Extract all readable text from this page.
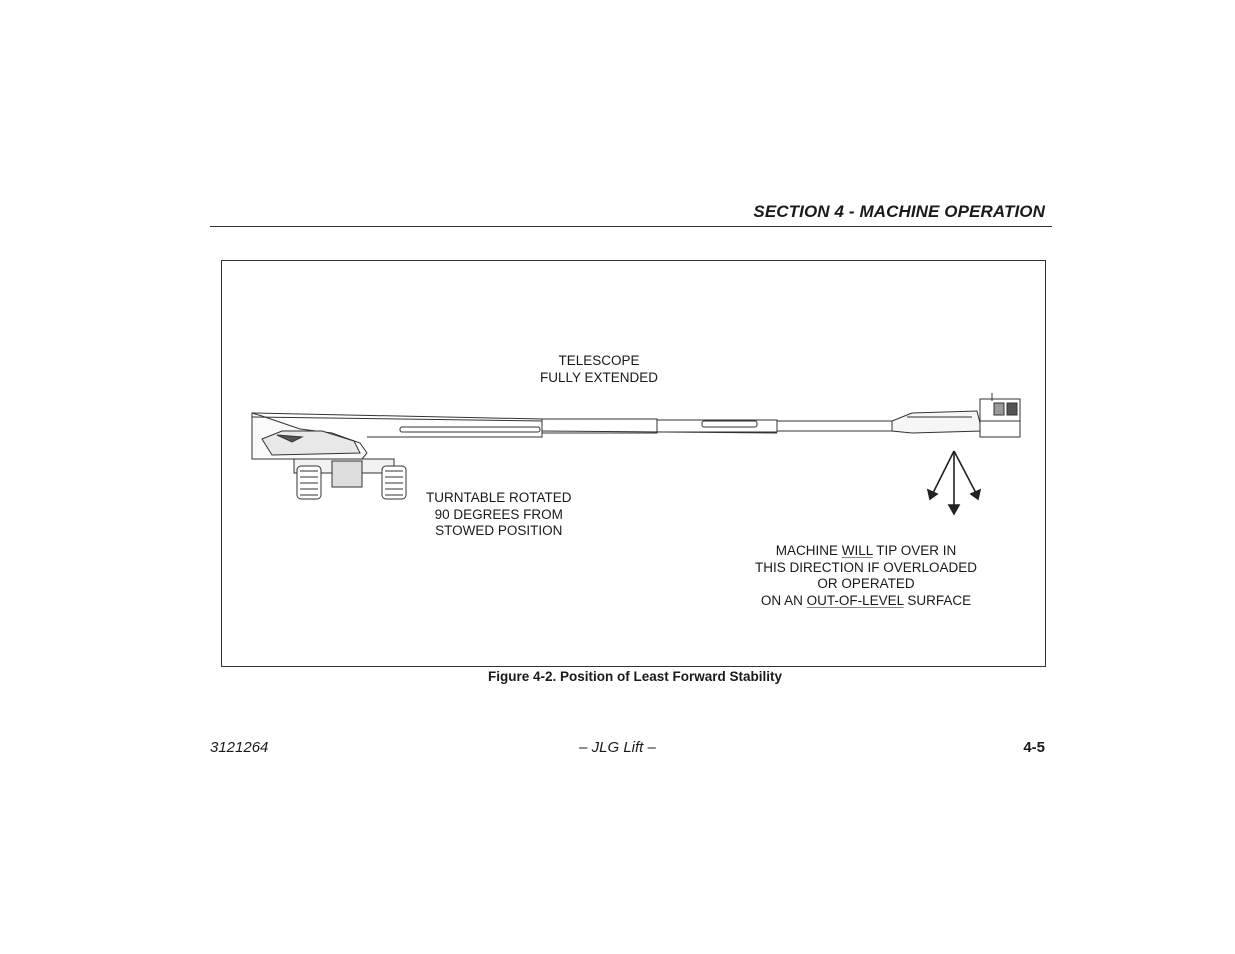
SECTION 4 - MACHINE OPERATION
TELESCOPE
FULLY EXTENDED
TURNTABLE ROTATED
90 DEGREES FROM
STOWED POSITION
MACHINE WILL TIP OVER IN
THIS DIRECTION IF OVERLOADED
OR OPERATED
ON AN OUT-OF-LEVEL SURFACE
Figure 4-2. Position of Least Forward Stability
3121264	– JLG Lift –	4-5
